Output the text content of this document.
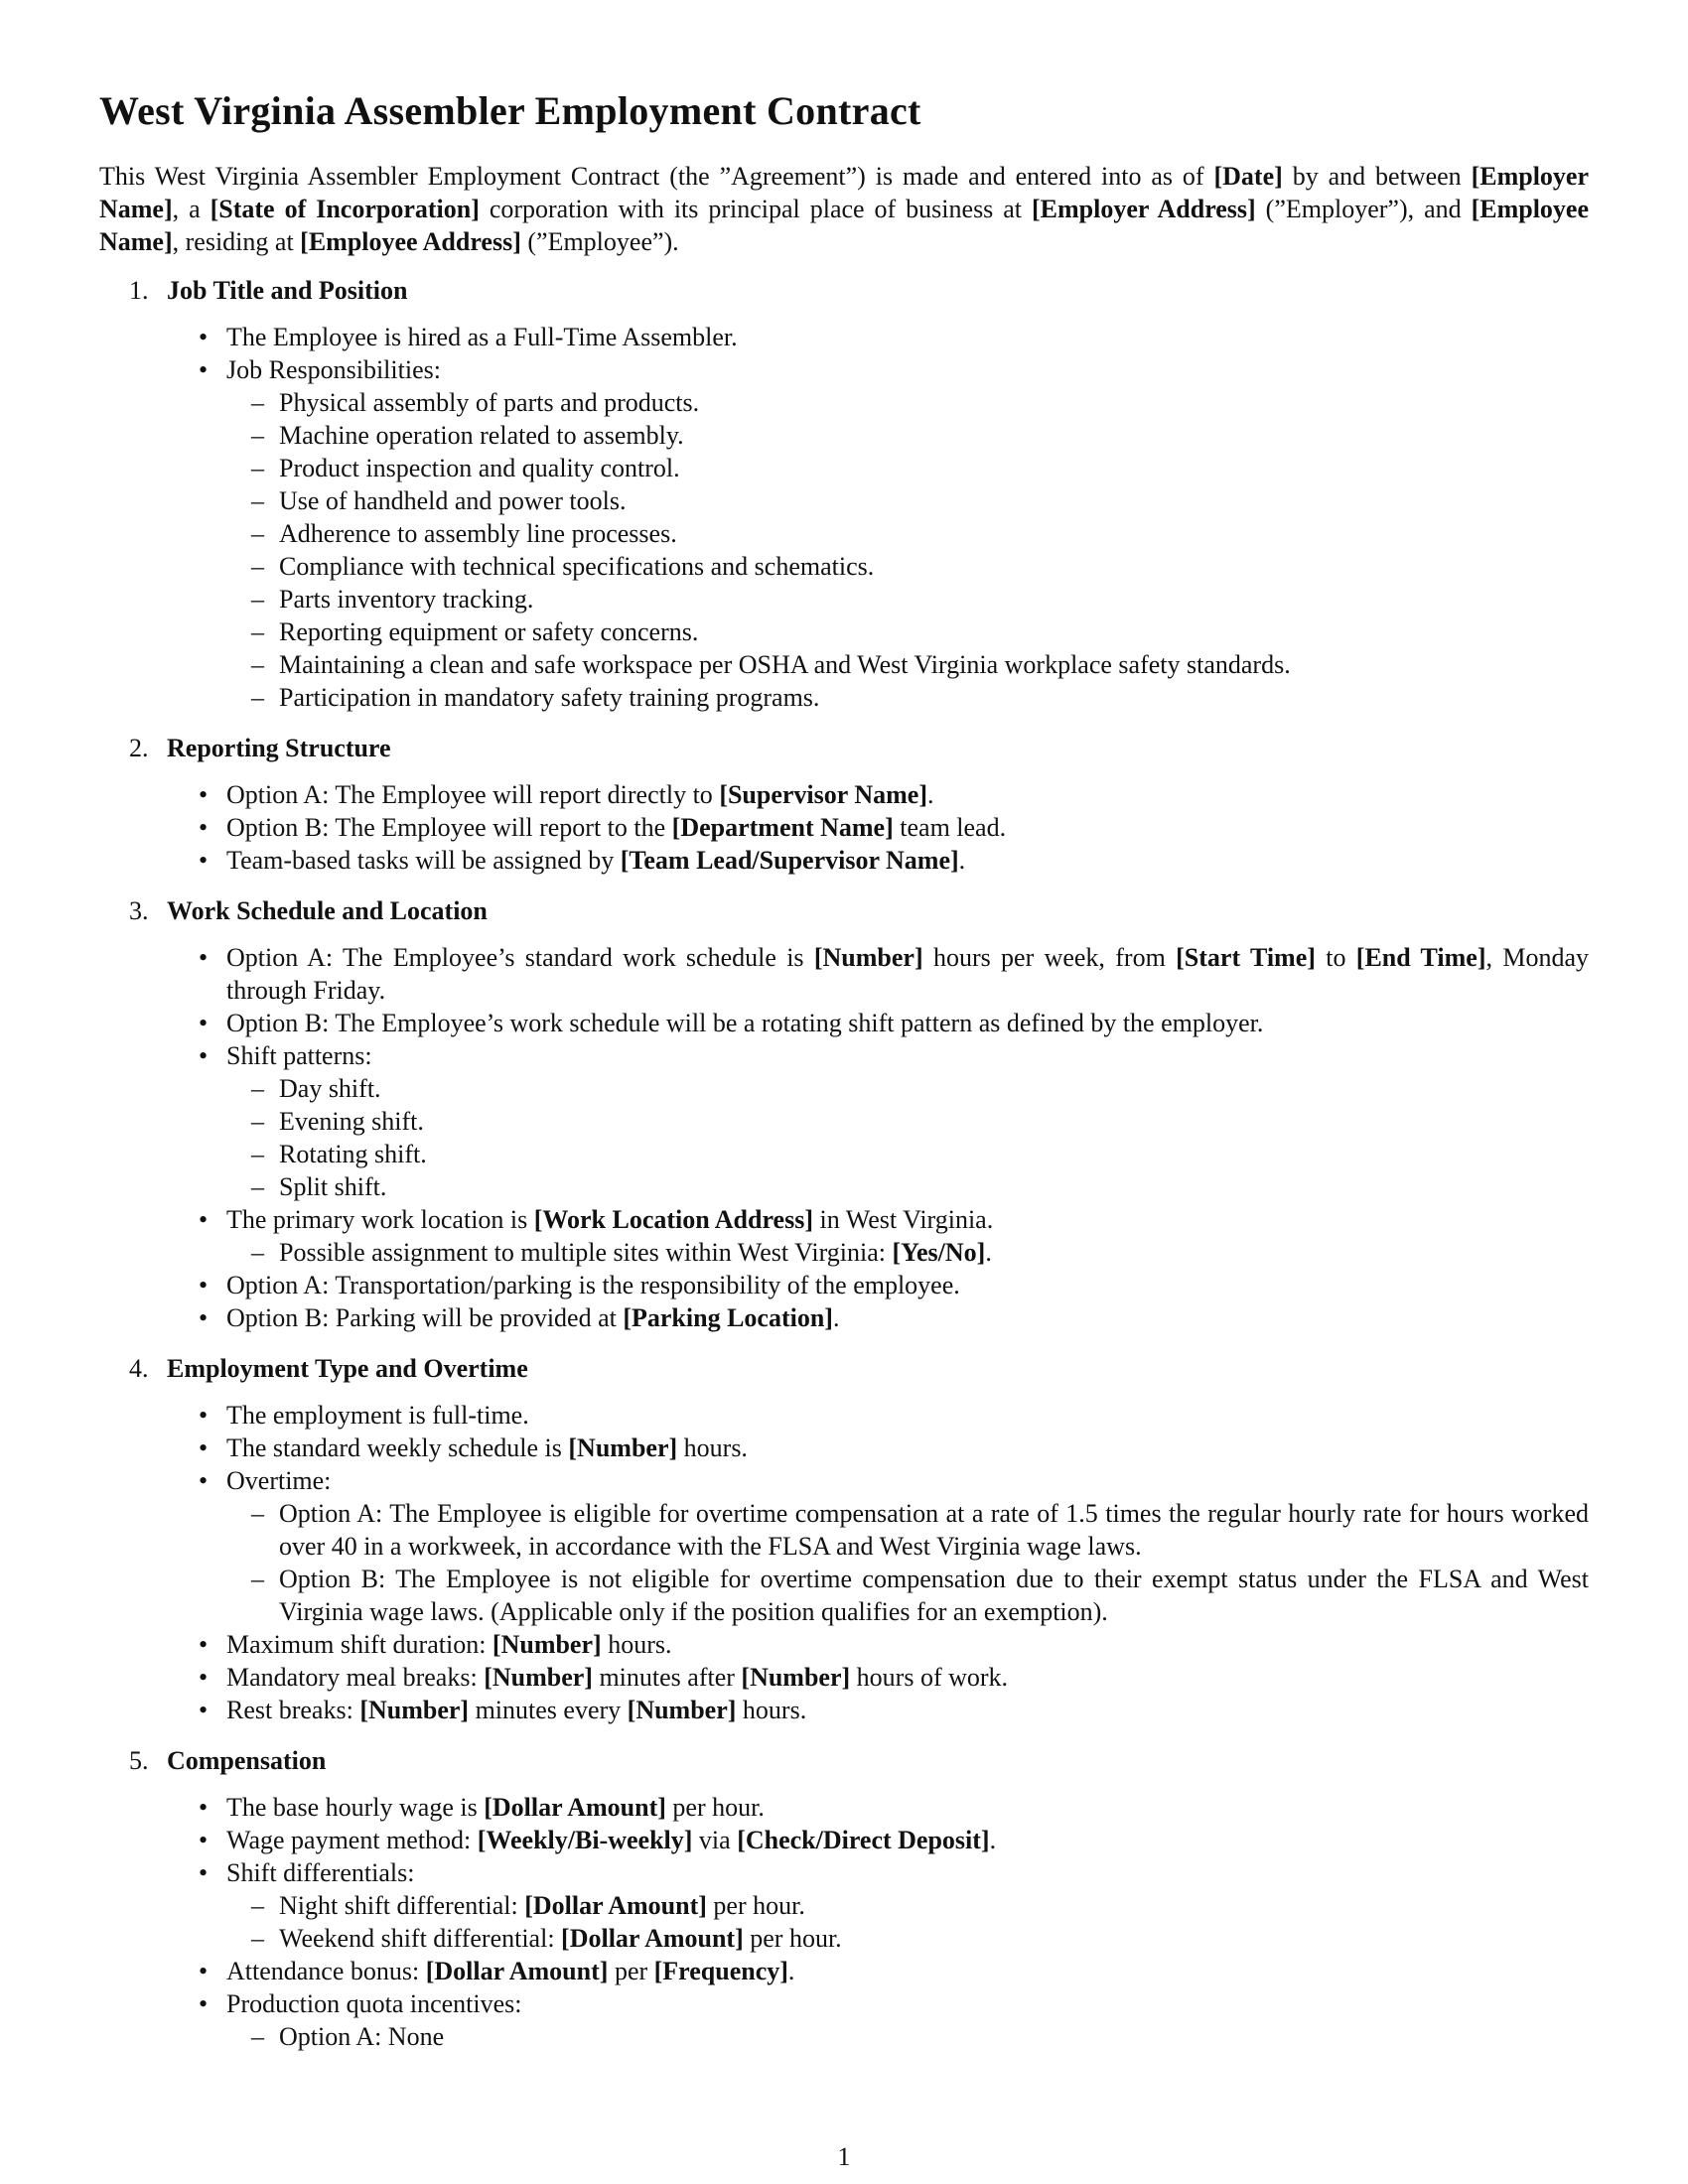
West Virginia Assembler Employment Contract

This West Virginia Assembler Employment Contract (the ”Agreement”) is made and entered into as of [Date] by and between [Employer Name], a [State of Incorporation] corporation with its principal place of business at [Employer Address] (”Employer”), and [Employee Name], residing at [Employee Address] (”Employee”).

1. Job Title and Position
• The Employee is hired as a Full-Time Assembler.
• Job Responsibilities:
– Physical assembly of parts and products.
– Machine operation related to assembly.
– Product inspection and quality control.
– Use of handheld and power tools.
– Adherence to assembly line processes.
– Compliance with technical specifications and schematics.
– Parts inventory tracking.
– Reporting equipment or safety concerns.
– Maintaining a clean and safe workspace per OSHA and West Virginia workplace safety standards.
– Participation in mandatory safety training programs.
2. Reporting Structure
• Option A: The Employee will report directly to [Supervisor Name].
• Option B: The Employee will report to the [Department Name] team lead.
• Team-based tasks will be assigned by [Team Lead/Supervisor Name].
3. Work Schedule and Location
• Option A: The Employee’s standard work schedule is [Number] hours per week, from [Start Time] to [End Time], Monday through Friday.
• Option B: The Employee’s work schedule will be a rotating shift pattern as defined by the employer.
• Shift patterns:
– Day shift.
– Evening shift.
– Rotating shift.
– Split shift.
• The primary work location is [Work Location Address] in West Virginia.
– Possible assignment to multiple sites within West Virginia: [Yes/No].
• Option A: Transportation/parking is the responsibility of the employee.
• Option B: Parking will be provided at [Parking Location].
4. Employment Type and Overtime
• The employment is full-time.
• The standard weekly schedule is [Number] hours.
• Overtime:
– Option A: The Employee is eligible for overtime compensation at a rate of 1.5 times the regular hourly rate for hours worked over 40 in a workweek, in accordance with the FLSA and West Virginia wage laws.
– Option B: The Employee is not eligible for overtime compensation due to their exempt status under the FLSA and West Virginia wage laws. (Applicable only if the position qualifies for an exemption).
• Maximum shift duration: [Number] hours.
• Mandatory meal breaks: [Number] minutes after [Number] hours of work.
• Rest breaks: [Number] minutes every [Number] hours.
5. Compensation
• The base hourly wage is [Dollar Amount] per hour.
• Wage payment method: [Weekly/Bi-weekly] via [Check/Direct Deposit].
• Shift differentials:
– Night shift differential: [Dollar Amount] per hour.
– Weekend shift differential: [Dollar Amount] per hour.
• Attendance bonus: [Dollar Amount] per [Frequency].
• Production quota incentives:
– Option A: None
1
